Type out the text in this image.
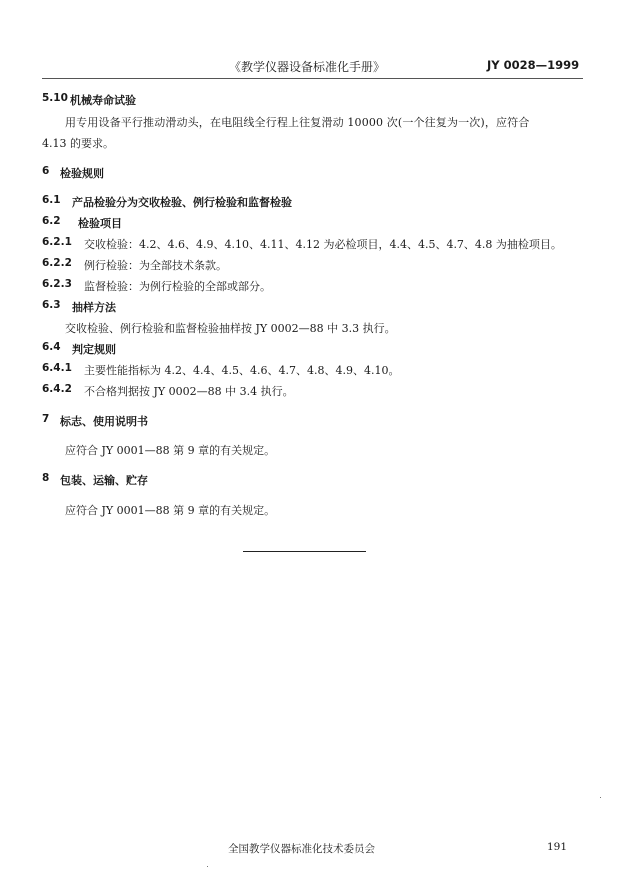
《教学仪器设备标准化手册》	JY 0028—1999
5.10 机械寿命试验
用专用设备平行推动滑动头，在电阻线全行程上往复滑动 10000 次(一个往复为一次)，应符合
4.13 的要求。
6 检验规则
6.1 产品检验分为交收检验、例行检验和监督检验
6.2 检验项目
6.2.1 交收检验：4.2、4.6、4.9、4.10、4.11、4.12 为必检项目，4.4、4.5、4.7、4.8 为抽检项目。
6.2.2 例行检验：为全部技术条款。
6.2.3 监督检验：为例行检验的全部或部分。
6.3 抽样方法
交收检验、例行检验和监督检验抽样按 JY 0002—88 中 3.3 执行。
6.4 判定规则
6.4.1 主要性能指标为 4.2、4.4、4.5、4.6、4.7、4.8、4.9、4.10。
6.4.2 不合格判据按 JY 0002—88 中 3.4 执行。
7 标志、使用说明书
应符合 JY 0001—88 第 9 章的有关规定。
8 包装、运输、贮存
应符合 JY 0001—88 第 9 章的有关规定。
全国教学仪器标准化技术委员会	191
